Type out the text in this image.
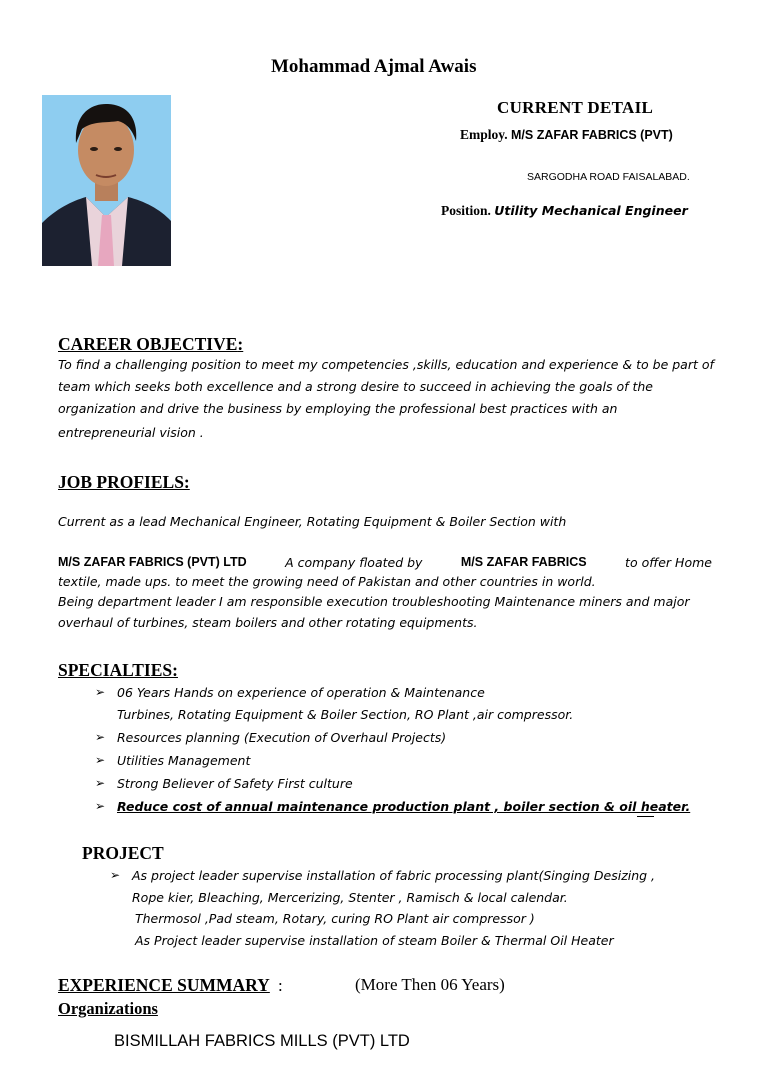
Mohammad Ajmal Awais
CURRENT DETAIL
Employ. M/S ZAFAR FABRICS (PVT)
SARGODHA ROAD FAISALABAD.
Position. Utility Mechanical Engineer
CAREER OBJECTIVE:
To find a challenging position to meet my competencies ,skills, education and experience & to be part of
team which seeks both excellence and a strong desire to succeed in achieving the goals of the
organization and drive the business by employing the professional best practices with an
entrepreneurial vision .
JOB PROFIELS:
Current as a lead Mechanical Engineer, Rotating Equipment & Boiler Section with
M/S ZAFAR FABRICS (PVT) LTD	A company floated by	M/S ZAFAR FABRICS	to offer Home
textile, made ups. to meet the growing need of Pakistan and other countries in world.
Being department leader I am responsible execution troubleshooting Maintenance miners and major
overhaul of turbines, steam boilers and other rotating equipments.
SPECIALTIES:
➢ 06 Years Hands on experience of operation & Maintenance
Turbines, Rotating Equipment & Boiler Section, RO Plant ,air compressor.
➢ Resources planning (Execution of Overhaul Projects)
➢ Utilities Management
➢ Strong Believer of Safety First culture
➢ Reduce cost of annual maintenance production plant , boiler section & oil heater.
PROJECT
➢ As project leader supervise installation of fabric processing plant(Singing Desizing ,
Rope kier, Bleaching, Mercerizing, Stenter , Ramisch & local calendar.
Thermosol ,Pad steam, Rotary, curing RO Plant air compressor )
As Project leader supervise installation of steam Boiler & Thermal Oil Heater
EXPERIENCE SUMMARY :	(More Then 06 Years)
Organizations
BISMILLAH FABRICS MILLS (PVT) LTD
